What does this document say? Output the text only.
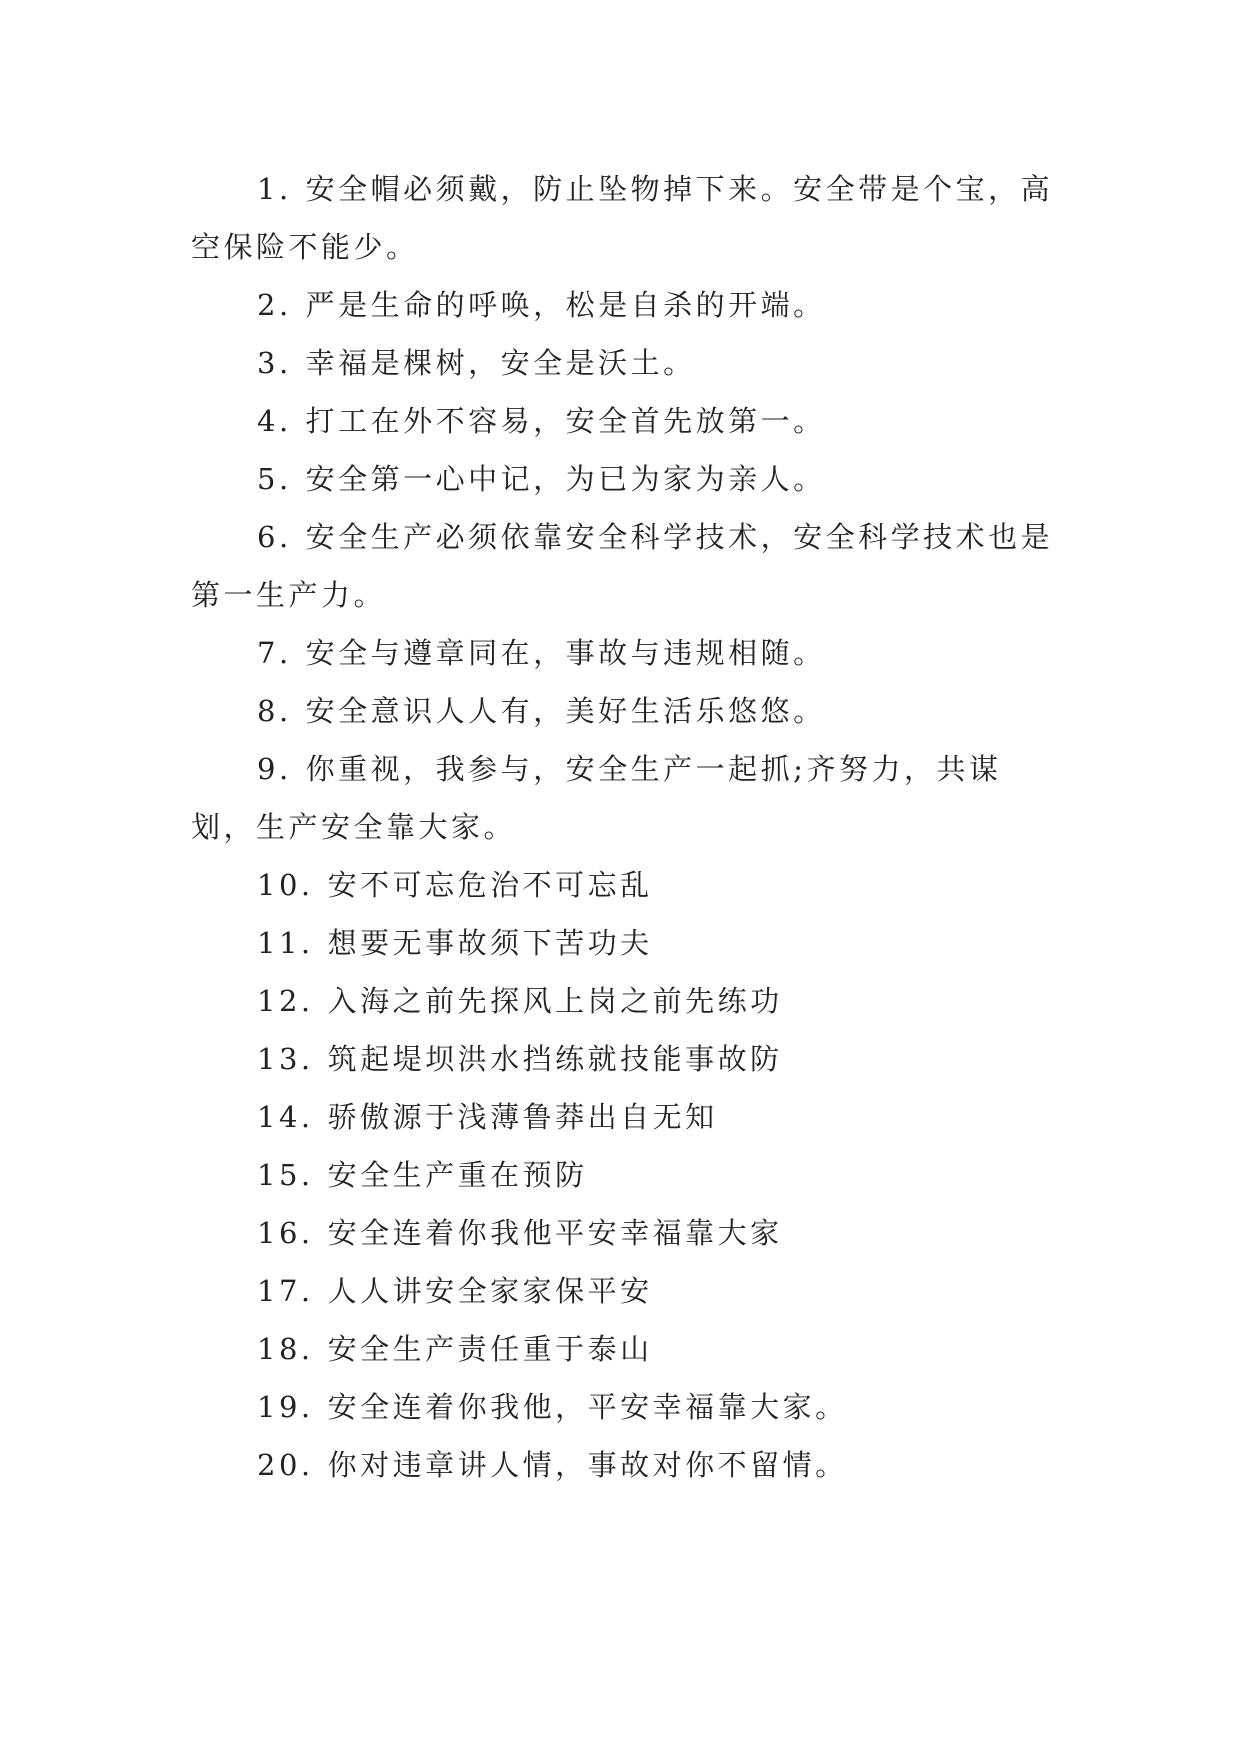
1. 安全帽必须戴，防止坠物掉下来。安全带是个宝，高空保险不能少。

2. 严是生命的呼唤，松是自杀的开端。

3. 幸福是棵树，安全是沃土。

4. 打工在外不容易，安全首先放第一。

5. 安全第一心中记，为已为家为亲人。

6. 安全生产必须依靠安全科学技术，安全科学技术也是第一生产力。

7. 安全与遵章同在，事故与违规相随。

8. 安全意识人人有，美好生活乐悠悠。

9. 你重视，我参与，安全生产一起抓;齐努力，共谋划，生产安全靠大家。

10. 安不可忘危治不可忘乱

11. 想要无事故须下苦功夫

12. 入海之前先探风上岗之前先练功

13. 筑起堤坝洪水挡练就技能事故防

14. 骄傲源于浅薄鲁莽出自无知

15. 安全生产重在预防

16. 安全连着你我他平安幸福靠大家

17. 人人讲安全家家保平安

18. 安全生产责任重于泰山

19. 安全连着你我他，平安幸福靠大家。

20. 你对违章讲人情，事故对你不留情。
